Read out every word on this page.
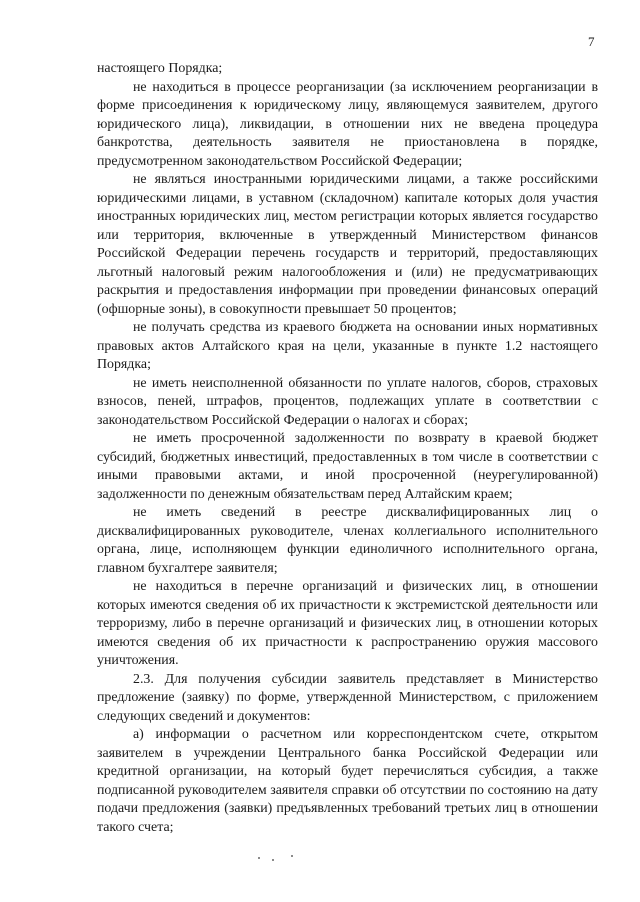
7

настоящего Порядка;

не находиться в процессе реорганизации (за исключением реорганизации в форме присоединения к юридическому лицу, являющемуся заявителем, другого юридического лица), ликвидации, в отношении них не введена процедура банкротства, деятельность заявителя не приостановлена в порядке, предусмотренном законодательством Российской Федерации;

не являться иностранными юридическими лицами, а также российскими юридическими лицами, в уставном (складочном) капитале которых доля участия иностранных юридических лиц, местом регистрации которых является государство или территория, включенные в утвержденный Министерством финансов Российской Федерации перечень государств и территорий, предоставляющих льготный налоговый режим налогообложения и (или) не предусматривающих раскрытия и предоставления информации при проведении финансовых операций (офшорные зоны), в совокупности превышает 50 процентов;

не получать средства из краевого бюджета на основании иных нормативных правовых актов Алтайского края на цели, указанные в пункте 1.2 настоящего Порядка;

не иметь неисполненной обязанности по уплате налогов, сборов, страховых взносов, пеней, штрафов, процентов, подлежащих уплате в соответствии с законодательством Российской Федерации о налогах и сборах;

не иметь просроченной задолженности по возврату в краевой бюджет субсидий, бюджетных инвестиций, предоставленных в том числе в соответствии с иными правовыми актами, и иной просроченной (неурегулированной) задолженности по денежным обязательствам перед Алтайским краем;

не иметь сведений в реестре дисквалифицированных лиц о дисквалифицированных руководителе, членах коллегиального исполнительного органа, лице, исполняющем функции единоличного исполнительного органа, главном бухгалтере заявителя;

не находиться в перечне организаций и физических лиц, в отношении которых имеются сведения об их причастности к экстремистской деятельности или терроризму, либо в перечне организаций и физических лиц, в отношении которых имеются сведения об их причастности к распространению оружия массового уничтожения.

2.3. Для получения субсидии заявитель представляет в Министерство предложение (заявку) по форме, утвержденной Министерством, с приложением следующих сведений и документов:

а) информации о расчетном или корреспондентском счете, открытом заявителем в учреждении Центрального банка Российской Федерации или кредитной организации, на который будет перечисляться субсидия, а также подписанной руководителем заявителя справки об отсутствии по состоянию на дату подачи предложения (заявки) предъявленных требований третьих лиц в отношении такого счета;
